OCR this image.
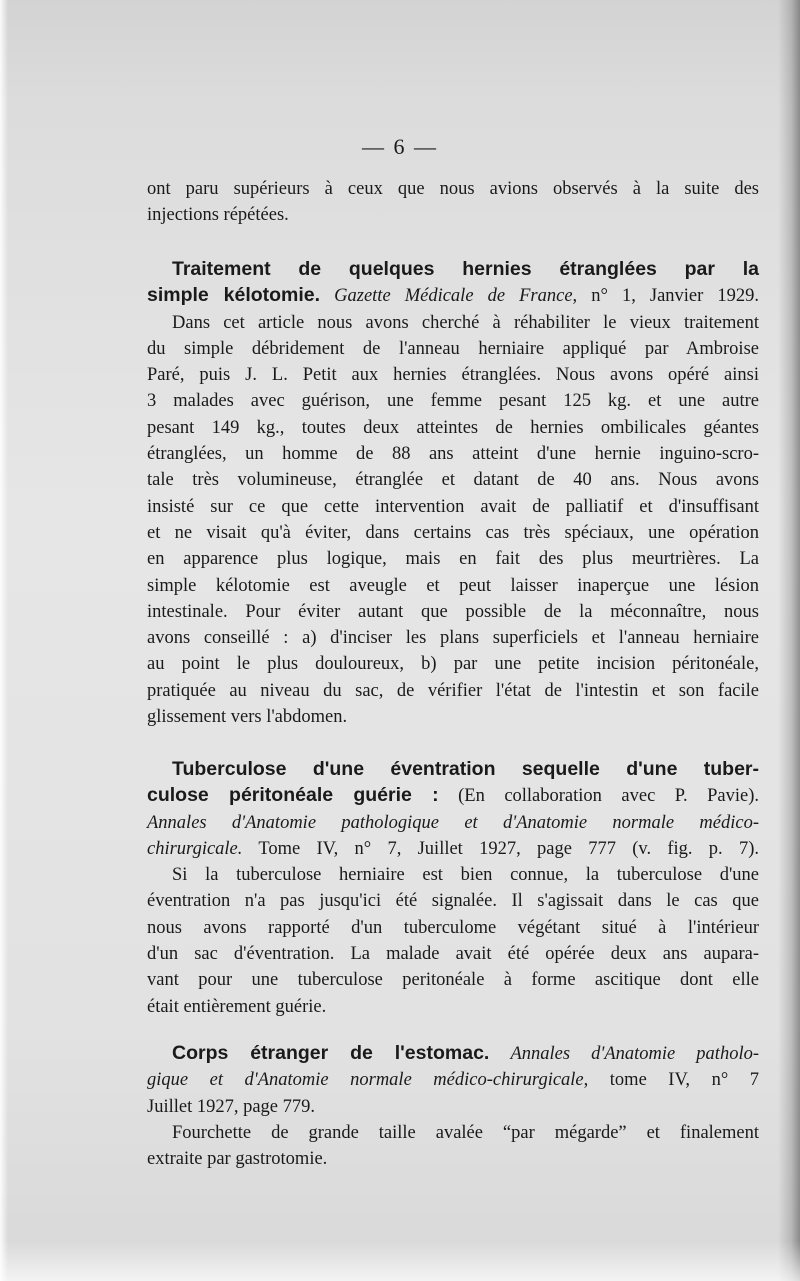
— 6 —
ont paru supérieurs à ceux que nous avions observés à la suite des
injections répétées.
Traitement de quelques hernies étranglées par la
simple kélotomie. Gazette Médicale de France, n° 1, Janvier 1929.
Dans cet article nous avons cherché à réhabiliter le vieux traitement
du simple débridement de l'anneau herniaire appliqué par Ambroise
Paré, puis J. L. Petit aux hernies étranglées. Nous avons opéré ainsi
3 malades avec guérison, une femme pesant 125 kg. et une autre
pesant 149 kg., toutes deux atteintes de hernies ombilicales géantes
étranglées, un homme de 88 ans atteint d'une hernie inguino-scro-
tale très volumineuse, étranglée et datant de 40 ans. Nous avons
insisté sur ce que cette intervention avait de palliatif et d'insuffisant
et ne visait qu'à éviter, dans certains cas très spéciaux, une opération
en apparence plus logique, mais en fait des plus meurtrières. La
simple kélotomie est aveugle et peut laisser inaperçue une lésion
intestinale. Pour éviter autant que possible de la méconnaître, nous
avons conseillé : a) d'inciser les plans superficiels et l'anneau herniaire
au point le plus douloureux, b) par une petite incision péritonéale,
pratiquée au niveau du sac, de vérifier l'état de l'intestin et son facile
glissement vers l'abdomen.
Tuberculose d'une éventration sequelle d'une tuber-
culose péritonéale guérie : (En collaboration avec P. Pavie).
Annales d'Anatomie pathologique et d'Anatomie normale médico-
chirurgicale. Tome IV, n° 7, Juillet 1927, page 777 (v. fig. p. 7).
Si la tuberculose herniaire est bien connue, la tuberculose d'une
éventration n'a pas jusqu'ici été signalée. Il s'agissait dans le cas que
nous avons rapporté d'un tuberculome végétant situé à l'intérieur
d'un sac d'éventration. La malade avait été opérée deux ans aupara-
vant pour une tuberculose peritonéale à forme ascitique dont elle
était entièrement guérie.
Corps étranger de l'estomac. Annales d'Anatomie patholo-
gique et d'Anatomie normale médico-chirurgicale, tome IV, n° 7
Juillet 1927, page 779.
Fourchette de grande taille avalée “par mégarde” et finalement
extraite par gastrotomie.
